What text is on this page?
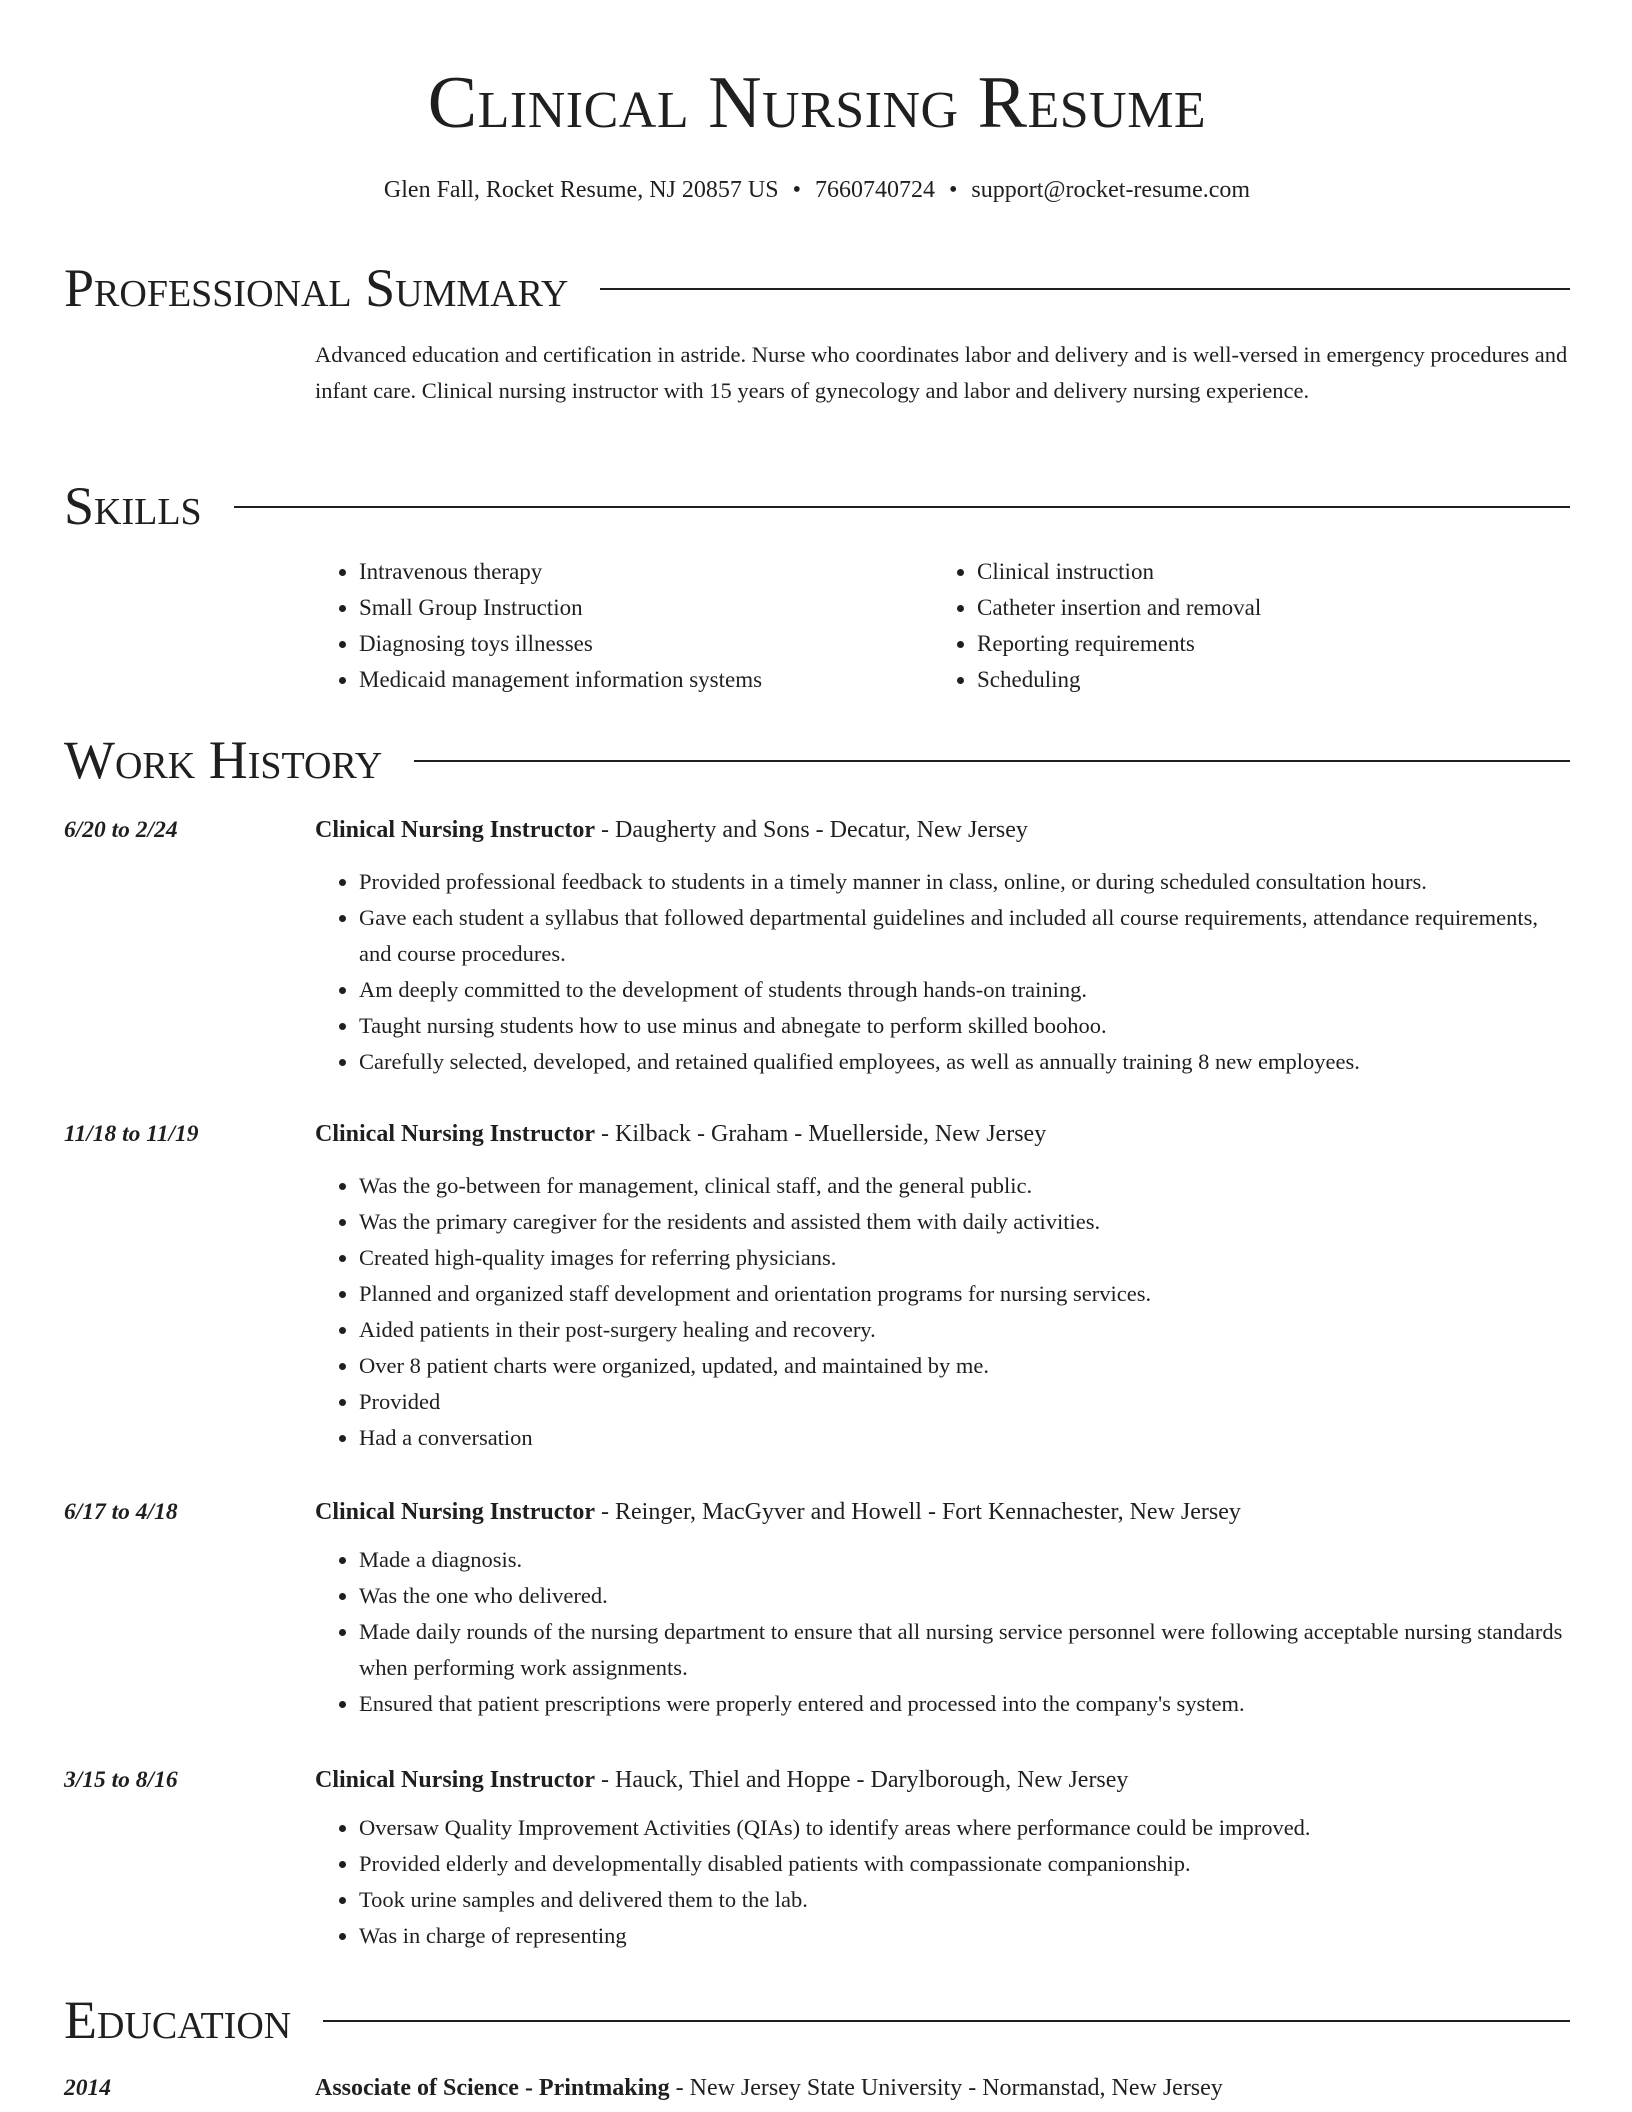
Clinical Nursing Resume
Glen Fall, Rocket Resume, NJ 20857 US • 7660740724 • support@rocket-resume.com
Professional Summary
Advanced education and certification in astride. Nurse who coordinates labor and delivery and is well-versed in emergency procedures and infant care. Clinical nursing instructor with 15 years of gynecology and labor and delivery nursing experience.
Skills
• Intravenous therapy
• Small Group Instruction
• Diagnosing toys illnesses
• Medicaid management information systems
• Clinical instruction
• Catheter insertion and removal
• Reporting requirements
• Scheduling
Work History
6/20 to 2/24	Clinical Nursing Instructor - Daugherty and Sons - Decatur, New Jersey
• Provided professional feedback to students in a timely manner in class, online, or during scheduled consultation hours.
• Gave each student a syllabus that followed departmental guidelines and included all course requirements, attendance requirements, and course procedures.
• Am deeply committed to the development of students through hands-on training.
• Taught nursing students how to use minus and abnegate to perform skilled boohoo.
• Carefully selected, developed, and retained qualified employees, as well as annually training 8 new employees.
11/18 to 11/19	Clinical Nursing Instructor - Kilback - Graham - Muellerside, New Jersey
• Was the go-between for management, clinical staff, and the general public.
• Was the primary caregiver for the residents and assisted them with daily activities.
• Created high-quality images for referring physicians.
• Planned and organized staff development and orientation programs for nursing services.
• Aided patients in their post-surgery healing and recovery.
• Over 8 patient charts were organized, updated, and maintained by me.
• Provided
• Had a conversation
6/17 to 4/18	Clinical Nursing Instructor - Reinger, MacGyver and Howell - Fort Kennachester, New Jersey
• Made a diagnosis.
• Was the one who delivered.
• Made daily rounds of the nursing department to ensure that all nursing service personnel were following acceptable nursing standards when performing work assignments.
• Ensured that patient prescriptions were properly entered and processed into the company's system.
3/15 to 8/16	Clinical Nursing Instructor - Hauck, Thiel and Hoppe - Darylborough, New Jersey
• Oversaw Quality Improvement Activities (QIAs) to identify areas where performance could be improved.
• Provided elderly and developmentally disabled patients with compassionate companionship.
• Took urine samples and delivered them to the lab.
• Was in charge of representing
Education
2014	Associate of Science - Printmaking - New Jersey State University - Normanstad, New Jersey
